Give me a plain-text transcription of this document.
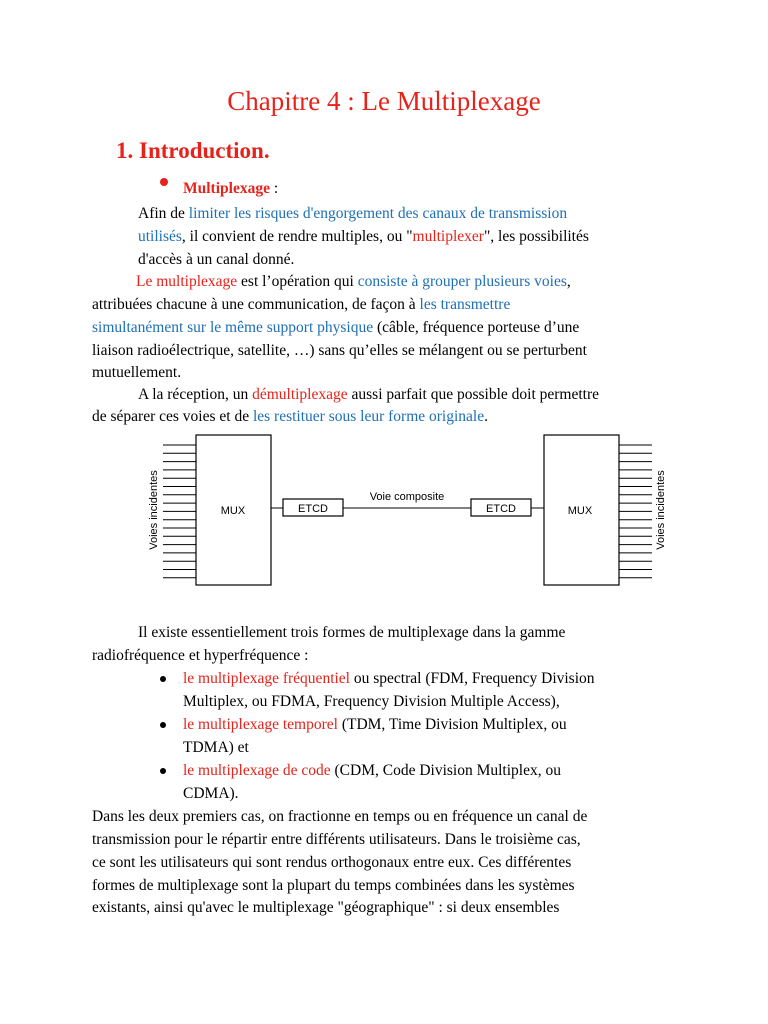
Chapitre 4 : Le Multiplexage
1. Introduction.
Multiplexage :
Afin de limiter les risques d'engorgement des canaux de transmission
utilisés, il convient de rendre multiples, ou "multiplexer", les possibilités
d'accès à un canal donné.
Le multiplexage est l’opération qui consiste à grouper plusieurs voies,
attribuées chacune à une communication, de façon à les transmettre
simultanément sur le même support physique (câble, fréquence porteuse d’une
liaison radioélectrique, satellite, …) sans qu’elles se mélangent ou se perturbent
mutuellement.
A la réception, un démultiplexage aussi parfait que possible doit permettre
de séparer ces voies et de les restituer sous leur forme originale.
MUX	MUX
ETCD	ETCD
Voie composite
Voies incidentes	Voies incidentes
Il existe essentiellement trois formes de multiplexage dans la gamme
radiofréquence et hyperfréquence :
le multiplexage fréquentiel ou spectral (FDM, Frequency Division
Multiplex, ou FDMA, Frequency Division Multiple Access),
le multiplexage temporel (TDM, Time Division Multiplex, ou
TDMA) et
le multiplexage de code (CDM, Code Division Multiplex, ou
CDMA).
Dans les deux premiers cas, on fractionne en temps ou en fréquence un canal de
transmission pour le répartir entre différents utilisateurs. Dans le troisième cas,
ce sont les utilisateurs qui sont rendus orthogonaux entre eux. Ces différentes
formes de multiplexage sont la plupart du temps combinées dans les systèmes
existants, ainsi qu'avec le multiplexage "géographique" : si deux ensembles
